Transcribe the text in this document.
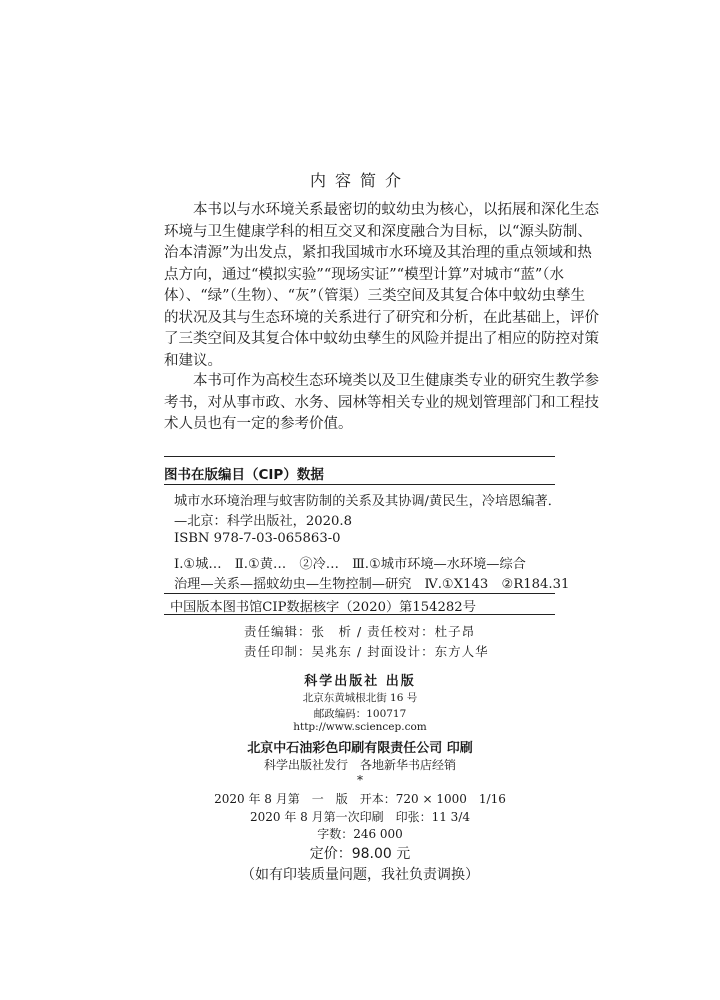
内容简介
　　本书以与水环境关系最密切的蚊幼虫为核心，以拓展和深化生态
环境与卫生健康学科的相互交叉和深度融合为目标，以“源头防制、
治本清源”为出发点，紧扣我国城市水环境及其治理的重点领域和热
点方向，通过“模拟实验”“现场实证”“模型计算”对城市“蓝”（水
体）、“绿”（生物）、“灰”（管渠）三类空间及其复合体中蚊幼虫孳生
的状况及其与生态环境的关系进行了研究和分析，在此基础上，评价
了三类空间及其复合体中蚊幼虫孳生的风险并提出了相应的防控对策
和建议。
　　本书可作为高校生态环境类以及卫生健康类专业的研究生教学参
考书，对从事市政、水务、园林等相关专业的规划管理部门和工程技
术人员也有一定的参考价值。
图书在版编目（CIP）数据
城市水环境治理与蚊害防制的关系及其协调/黄民生，冷培恩编著．
—北京：科学出版社，2020.8
ISBN 978-7-03-065863-0
Ⅰ.①城…　Ⅱ.①黄…　②冷…　Ⅲ.①城市环境—水环境—综合
治理—关系—摇蚊幼虫—生物控制—研究　Ⅳ.①X143　②R184.31
中国版本图书馆CIP数据核字（2020）第154282号
责任编辑：张　析 / 责任校对：杜子昂
责任印制：吴兆东 / 封面设计：东方人华
科学出版社 出版
北京东黄城根北街 16 号
邮政编码：100717
http://www.sciencep.com
北京中石油彩色印刷有限责任公司 印刷
科学出版社发行　各地新华书店经销
*
2020 年 8 月第　一　版　开本：720 × 1000　1/16
2020 年 8 月第一次印刷　印张：11 3/4
字数：246 000
定价：98.00 元
（如有印装质量问题，我社负责调换）
